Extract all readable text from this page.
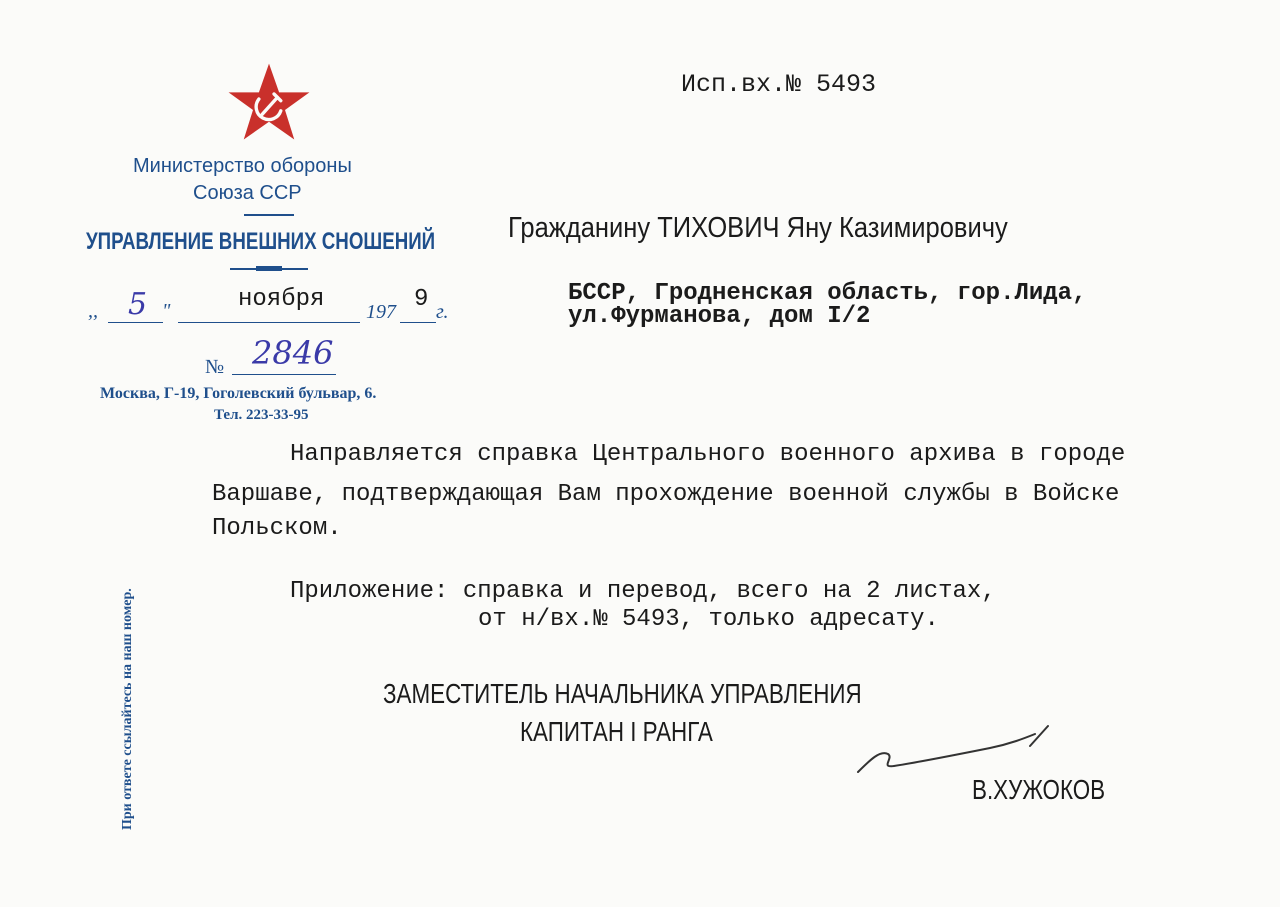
Министерство обороны
Союза ССР
УПРАВЛЕНИЕ ВНЕШНИХ СНОШЕНИЙ
,, 5 "	ноября 197 9 г.
№ 2846
Москва, Г-19, Гоголевский бульвар, 6.
Тел. 223-33-95
При ответе ссылайтесь на наш номер.
Исп.вх.№ 5493
Гражданину ТИХОВИЧ Яну Казимировичу
БССР, Гродненская область, гор.Лида,
ул.Фурманова, дом I/2
Направляется справка Центрального военного архива в городе
Варшаве, подтверждающая Вам прохождение военной службы в Войске
Польском.
Приложение: справка и перевод, всего на 2 листах,
от н/вх.№ 5493, только адресату.
ЗАМЕСТИТЕЛЬ НАЧАЛЬНИКА УПРАВЛЕНИЯ
КАПИТАН I РАНГА
В.ХУЖОКОВ
